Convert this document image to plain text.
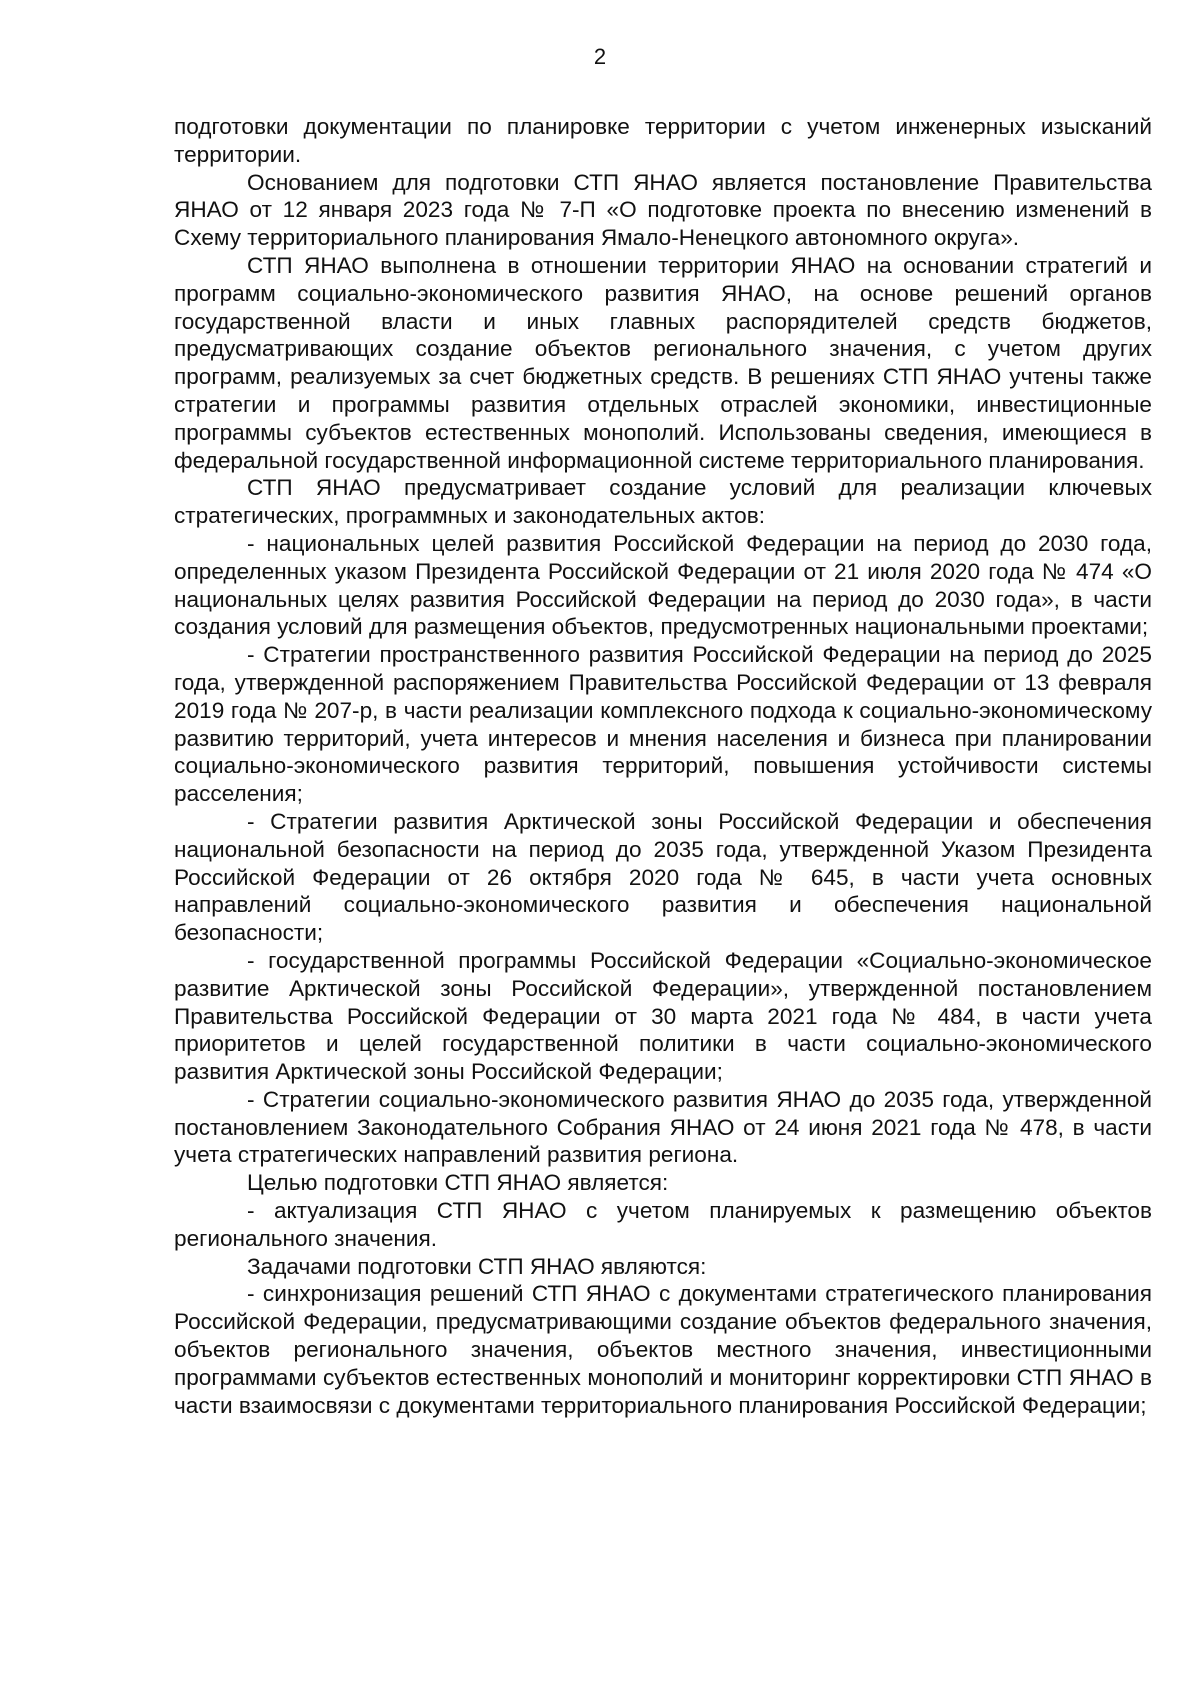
2

подготовки документации по планировке территории с учетом инженерных изысканий территории.

Основанием для подготовки СТП ЯНАО является постановление Правительства ЯНАО от 12 января 2023 года № 7-П «О подготовке проекта по внесению изменений в Схему территориального планирования Ямало-Ненецкого автономного округа».

СТП ЯНАО выполнена в отношении территории ЯНАО на основании стратегий и программ социально-экономического развития ЯНАО, на основе решений органов государственной власти и иных главных распорядителей средств бюджетов, предусматривающих создание объектов регионального значения, с учетом других программ, реализуемых за счет бюджетных средств. В решениях СТП ЯНАО учтены также стратегии и программы развития отдельных отраслей экономики, инвестиционные программы субъектов естественных монополий. Использованы сведения, имеющиеся в федеральной государственной информационной системе территориального планирования.

СТП ЯНАО предусматривает создание условий для реализации ключевых стратегических, программных и законодательных актов:

- национальных целей развития Российской Федерации на период до 2030 года, определенных указом Президента Российской Федерации от 21 июля 2020 года № 474 «О национальных целях развития Российской Федерации на период до 2030 года», в части создания условий для размещения объектов, предусмотренных национальными проектами;

- Стратегии пространственного развития Российской Федерации на период до 2025 года, утвержденной распоряжением Правительства Российской Федерации от 13 февраля 2019 года № 207-р, в части реализации комплексного подхода к социально-экономическому развитию территорий, учета интересов и мнения населения и бизнеса при планировании социально-экономического развития территорий, повышения устойчивости системы расселения;

- Стратегии развития Арктической зоны Российской Федерации и обеспечения национальной безопасности на период до 2035 года, утвержденной Указом Президента Российской Федерации от 26 октября 2020 года № 645, в части учета основных направлений социально-экономического развития и обеспечения национальной безопасности;

- государственной программы Российской Федерации «Социально-экономическое развитие Арктической зоны Российской Федерации», утвержденной постановлением Правительства Российской Федерации от 30 марта 2021 года № 484, в части учета приоритетов и целей государственной политики в части социально-экономического развития Арктической зоны Российской Федерации;

- Стратегии социально-экономического развития ЯНАО до 2035 года, утвержденной постановлением Законодательного Собрания ЯНАО от 24 июня 2021 года № 478, в части учета стратегических направлений развития региона.

Целью подготовки СТП ЯНАО является:

- актуализация СТП ЯНАО с учетом планируемых к размещению объектов регионального значения.

Задачами подготовки СТП ЯНАО являются:

- синхронизация решений СТП ЯНАО с документами стратегического планирования Российской Федерации, предусматривающими создание объектов федерального значения, объектов регионального значения, объектов местного значения, инвестиционными программами субъектов естественных монополий и мониторинг корректировки СТП ЯНАО в части взаимосвязи с документами территориального планирования Российской Федерации;
